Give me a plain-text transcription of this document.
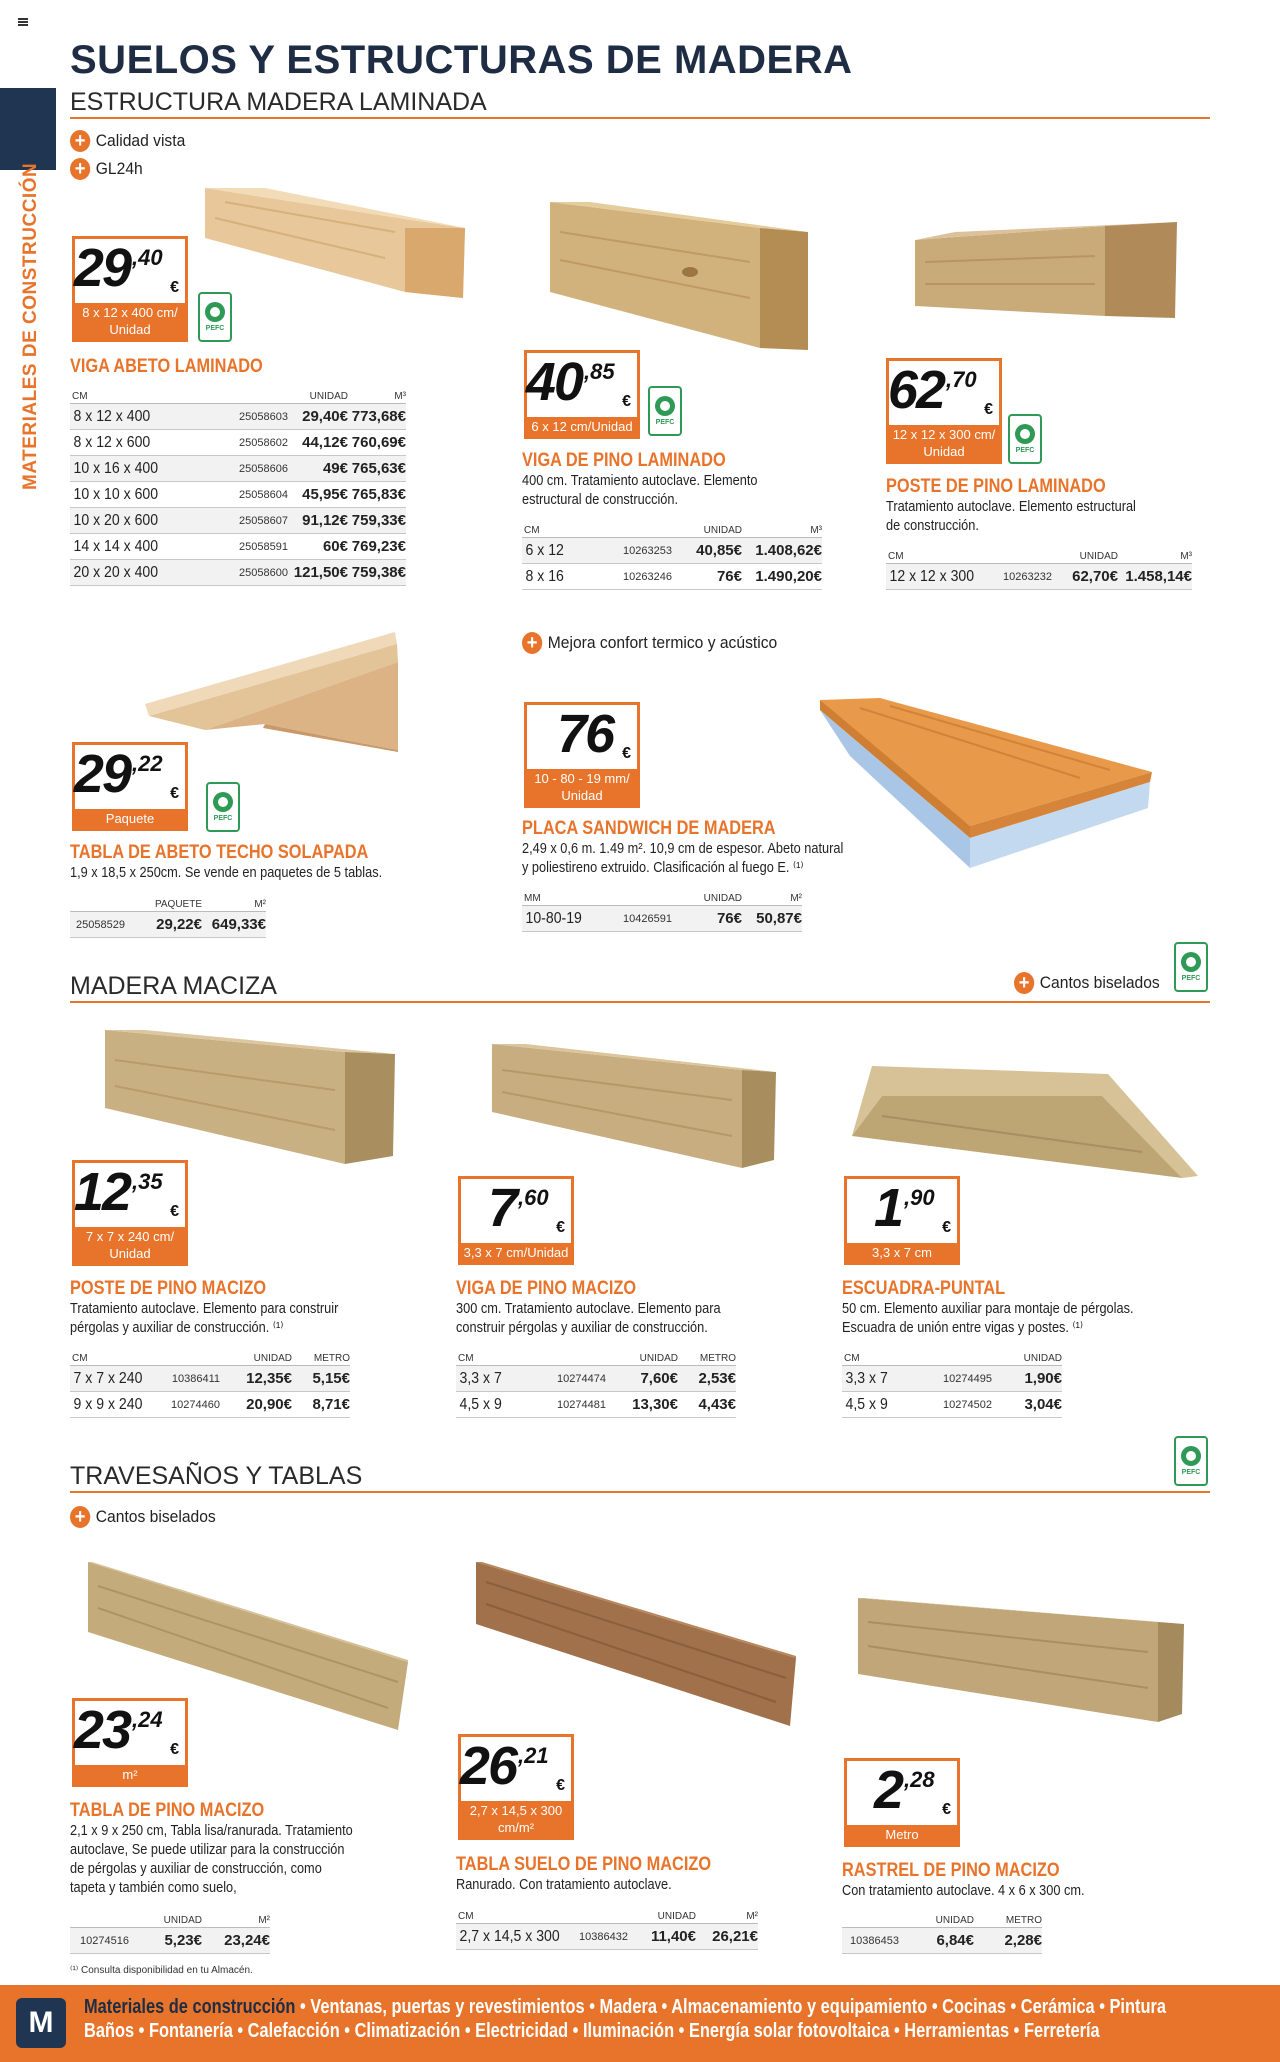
MATERIALES DE CONSTRUCCIÓN
SUELOS Y ESTRUCTURAS DE MADERA
ESTRUCTURA MADERA LAMINADA
+ Calidad vista
+ GL24h
29 ,40
€
8 x 12 x 400 cm/ Unidad	PEFC
VIGA ABETO LAMINADO
CM	UNIDAD	M³
8 x 12 x 400	25058603 29,40€ 773,68€
8 x 12 x 600	25058602 44,12€ 760,69€
10 x 16 x 400	25058606	49€ 765,63€
10 x 10 x 600	25058604 45,95€ 765,83€
10 x 20 x 600	25058607 91,12€ 759,33€
14 x 14 x 400	25058591	60€ 769,23€
20 x 20 x 400	25058600 121,50€ 759,38€
40 ,85
€
6 x 12 cm/Unidad	PEFC
VIGA DE PINO LAMINADO
400 cm. Tratamiento autoclave. Elemento
estructural de construcción.
CM	UNIDAD	M³
6 x 12	10263253	40,85€ 1.408,62€
8 x 16	10263246	76€ 1.490,20€
62 ,70
€
12 x 12 x 300 cm/ Unidad	PEFC
POSTE DE PINO LAMINADO
Tratamiento autoclave. Elemento estructural
de construcción.
CM	UNIDAD	M³
12 x 12 x 300	10263232	62,70€ 1.458,14€
29 ,22
€
Paquete	PEFC
TABLA DE ABETO TECHO SOLAPADA
1,9 x 18,5 x 250cm. Se vende en paquetes de 5 tablas.
PAQUETE	M²
25058529	29,22€ 649,33€
+ Mejora confort termico y acústico
76 €
10 - 80 - 19 mm/ Unidad
PLACA SANDWICH DE MADERA
2,49 x 0,6 m. 1.49 m². 10,9 cm de espesor. Abeto natural
y poliestireno extruido. Clasificación al fuego E. ⁽¹⁾
MM	UNIDAD	M²
10-80-19	10426591	76€ 50,87€
MADERA MACIZA	+ Cantos biselados	PEFC
12 ,35
€
7 x 7 x 240 cm/ Unidad
POSTE DE PINO MACIZO
Tratamiento autoclave. Elemento para construir
pérgolas y auxiliar de construcción. ⁽¹⁾
CM	UNIDAD	METRO
7 x 7 x 240	10386411	12,35€	5,15€
9 x 9 x 240	10274460	20,90€	8,71€
7 ,60
€
3,3 x 7 cm/Unidad
VIGA DE PINO MACIZO
300 cm. Tratamiento autoclave. Elemento para
construir pérgolas y auxiliar de construcción.
CM	UNIDAD	METRO
3,3 x 7	10274474	7,60€	2,53€
4,5 x 9	10274481	13,30€	4,43€
1 ,90
€
3,3 x 7 cm
ESCUADRA-PUNTAL
50 cm. Elemento auxiliar para montaje de pérgolas.
Escuadra de unión entre vigas y postes. ⁽¹⁾
CM	UNIDAD
3,3 x 7	10274495	1,90€
4,5 x 9	10274502	3,04€
TRAVESAÑOS Y TABLAS
+ Cantos biselados
PEFC
23 ,24
€
m²
TABLA DE PINO MACIZO
2,1 x 9 x 250 cm, Tabla lisa/ranurada. Tratamiento
autoclave, Se puede utilizar para la construcción
de pérgolas y auxiliar de construcción, como
tapeta y también como suelo,
UNIDAD	M²
10274516	5,23€	23,24€
26 ,21
€
2,7 x 14,5 x 300 cm/m²
TABLA SUELO DE PINO MACIZO
Ranurado. Con tratamiento autoclave.
CM	UNIDAD	M²
2,7 x 14,5 x 300	10386432	11,40€	26,21€
2 ,28
€
Metro
RASTREL DE PINO MACIZO
Con tratamiento autoclave. 4 x 6 x 300 cm.
UNIDAD	METRO
10386453	6,84€	2,28€
⁽¹⁾ Consulta disponibilidad en tu Almacén.
M	Materiales de construcción • Ventanas, puertas y revestimientos • Madera • Almacenamiento y equipamiento • Cocinas • Cerámica • Pintura
Baños • Fontanería • Calefacción • Climatización • Electricidad • Iluminación • Energía solar fotovoltaica • Herramientas • Ferretería
